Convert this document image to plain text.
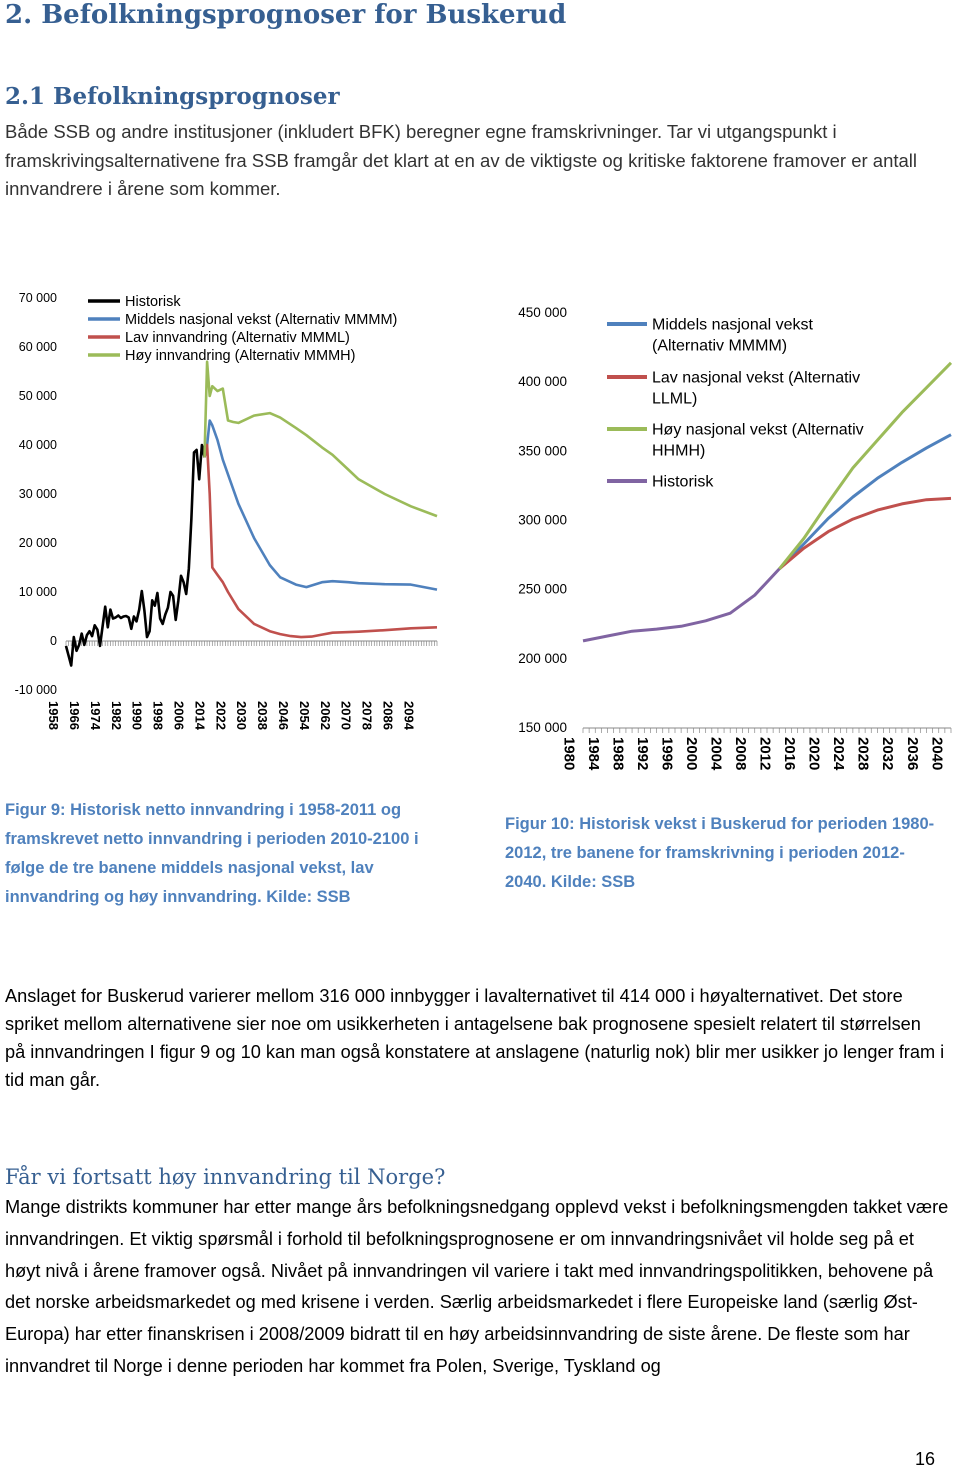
2. Befolkningsprognoser for Buskerud
2.1 Befolkningsprognoser

Både SSB og andre institusjoner (inkludert BFK) beregner egne framskrivninger. Tar vi utgangspunkt i framskrivingsalternativene fra SSB framgår det klart at en av de viktigste og kritiske faktorene framover er antall innvandrere i årene som kommer.

-10 000
0
10 000
20 000
30 000
40 000
50 000
60 000
70 000
1958 1966 1974 1982 1990 1998 2006 2014 2022 2030 2038 2046 2054 2062 2070 2078 2086 2094
Historisk
Middels nasjonal vekst (Alternativ MMMM)
Lav innvandring (Alternativ MMML)
Høy innvandring (Alternativ MMMH)
150 000
200 000
250 000
300 000
350 000
400 000
450 000
1980 1984 1988 1992 1996 2000 2004 2008 2012 2016 2020 2024 2028 2032 2036 2040
Middels nasjonal vekst
(Alternativ MMMM)
Lav nasjonal vekst (Alternativ
LLML)
Høy nasjonal vekst (Alternativ
HHMH)
Historisk

Figur 9: Historisk netto innvandring i 1958-2011 og framskrevet netto innvandring i perioden 2010-2100 i følge de tre banene middels nasjonal vekst, lav innvandring og høy innvandring. Kilde: SSB

Figur 10: Historisk vekst i Buskerud for perioden 1980-2012, tre banene for framskrivning i perioden 2012-2040. Kilde: SSB

Anslaget for Buskerud varierer mellom 316 000 innbygger i lavalternativet til 414 000 i høyalternativet. Det store spriket mellom alternativene sier noe om usikkerheten i antagelsene bak prognosene spesielt relatert til størrelsen på innvandringen I figur 9 og 10 kan man også konstatere at anslagene (naturlig nok) blir mer usikker jo lenger fram i tid man går.

Får vi fortsatt høy innvandring til Norge?

Mange distrikts kommuner har etter mange års befolkningsnedgang opplevd vekst i befolkningsmengden takket være innvandringen. Et viktig spørsmål i forhold til befolkningsprognosene er om innvandringsnivået vil holde seg på et høyt nivå i årene framover også. Nivået på innvandringen vil variere i takt med innvandringspolitikken, behovene på det norske arbeidsmarkedet og med krisene i verden. Særlig arbeidsmarkedet i flere Europeiske land (særlig Øst-Europa) har etter finanskrisen i 2008/2009 bidratt til en høy arbeidsinnvandring de siste årene. De fleste som har innvandret til Norge i denne perioden har kommet fra Polen, Sverige, Tyskland og

16
